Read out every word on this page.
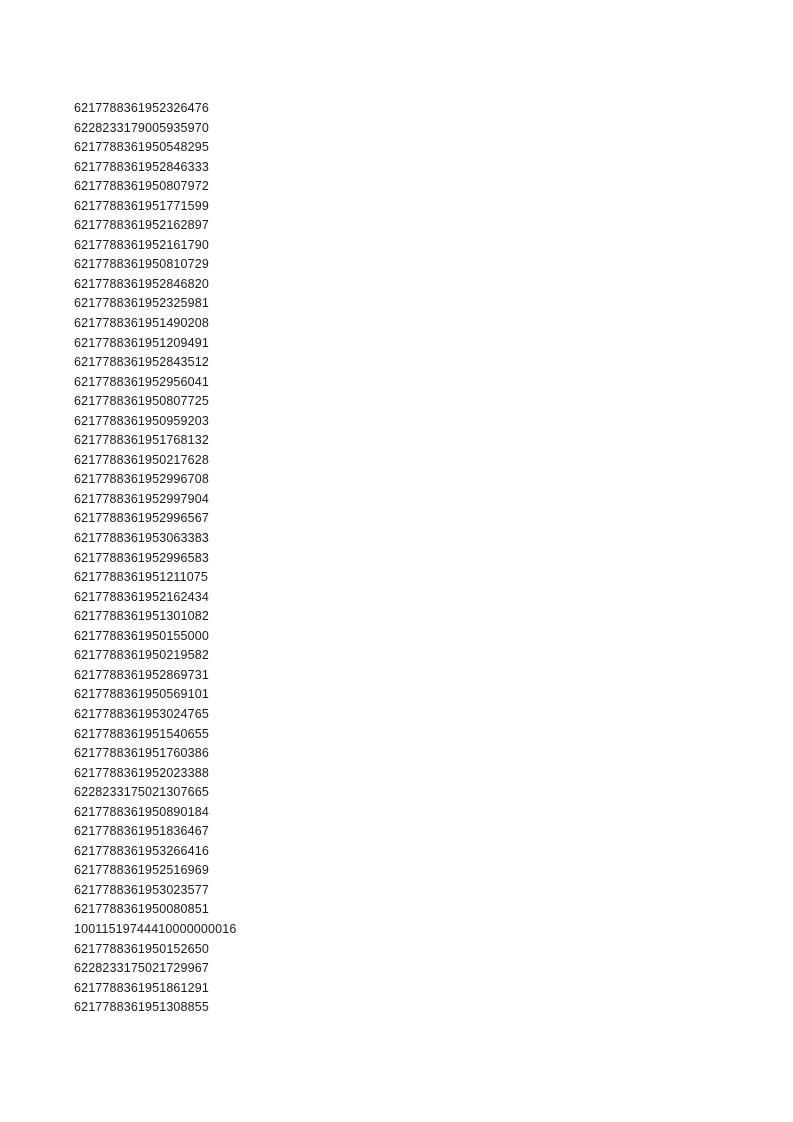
6217788361952326476
6228233179005935970
6217788361950548295
6217788361952846333
6217788361950807972
6217788361951771599
6217788361952162897
6217788361952161790
6217788361950810729
6217788361952846820
6217788361952325981
6217788361951490208
6217788361951209491
6217788361952843512
6217788361952956041
6217788361950807725
6217788361950959203
6217788361951768132
6217788361950217628
6217788361952996708
6217788361952997904
6217788361952996567
6217788361953063383
6217788361952996583
6217788361951211075
6217788361952162434
6217788361951301082
6217788361950155000
6217788361950219582
6217788361952869731
6217788361950569101
6217788361953024765
6217788361951540655
6217788361951760386
6217788361952023388
6228233175021307665
6217788361950890184
6217788361951836467
6217788361953266416
6217788361952516969
6217788361953023577
6217788361950080851
10011519744410000000016
6217788361950152650
6228233175021729967
6217788361951861291
6217788361951308855
